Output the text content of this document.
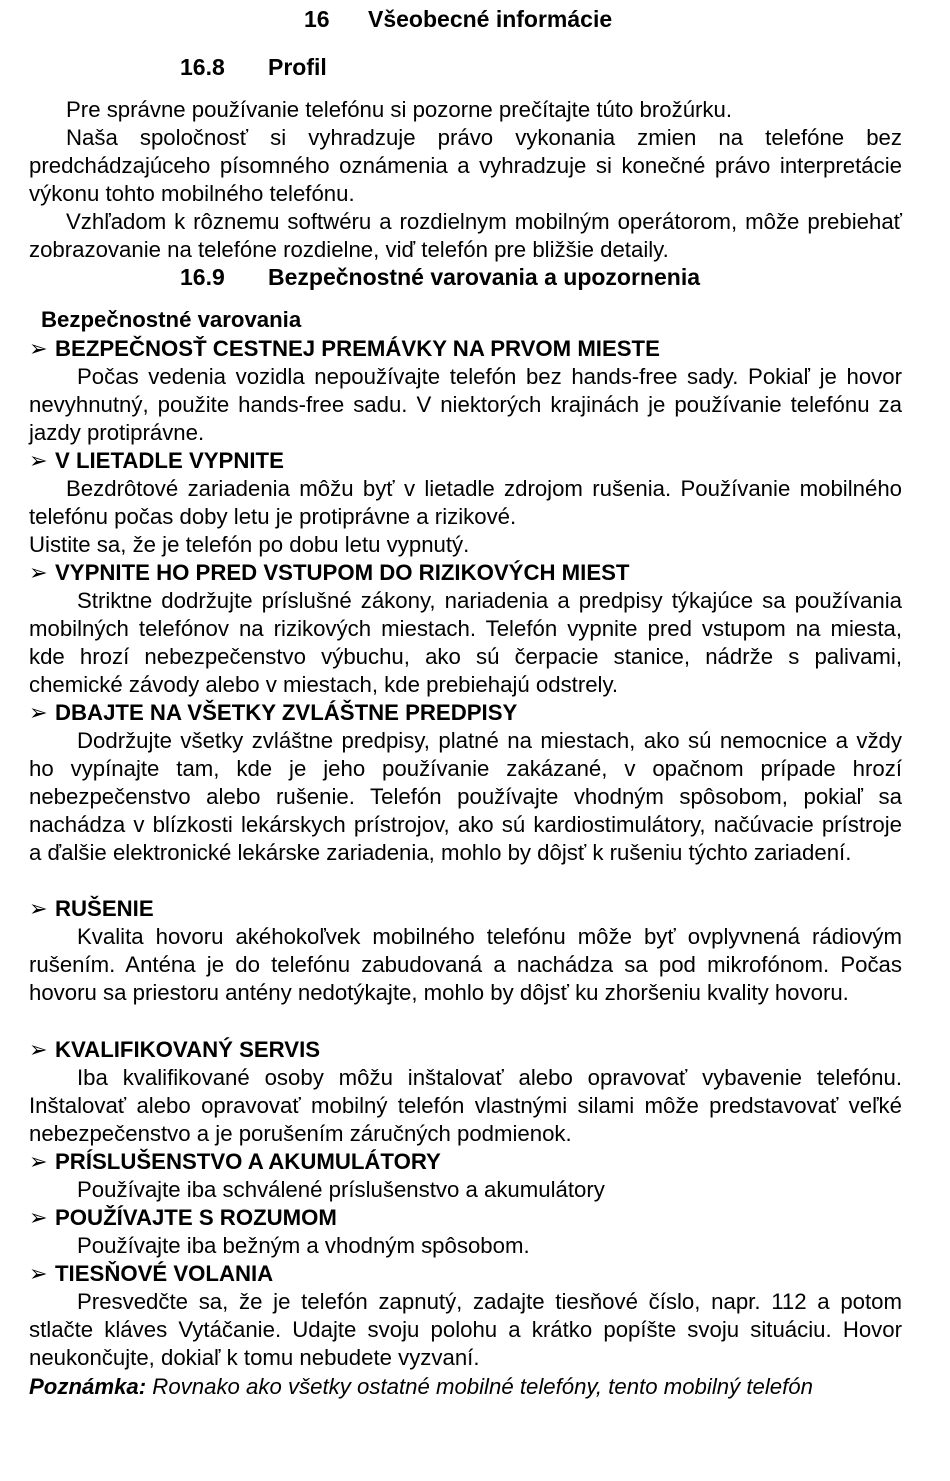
16 Všeobecné informácie
16.8 Profil
Pre správne používanie telefónu si pozorne prečítajte túto brožúrku.
Naša spoločnosť si vyhradzuje právo vykonania zmien na telefóne bez predchádzajúceho písomného oznámenia a vyhradzuje si konečné právo interpretácie výkonu tohto mobilného telefónu.
Vzhľadom k rôznemu softwéru a rozdielnym mobilným operátorom, môže prebiehať zobrazovanie na telefóne rozdielne, viď telefón pre bližšie detaily.
16.9 Bezpečnostné varovania a upozornenia
Bezpečnostné varovania
➢ BEZPEČNOSŤ CESTNEJ PREMÁVKY NA PRVOM MIESTE
Počas vedenia vozidla nepoužívajte telefón bez hands-free sady. Pokiaľ je hovor nevyhnutný, použite hands-free sadu. V niektorých krajinách je používanie telefónu za jazdy protiprávne.
➢ V LIETADLE VYPNITE
Bezdrôtové zariadenia môžu byť v lietadle zdrojom rušenia. Používanie mobilného telefónu počas doby letu je protiprávne a rizikové.
Uistite sa, že je telefón po dobu letu vypnutý.
➢ VYPNITE HO PRED VSTUPOM DO RIZIKOVÝCH MIEST
Striktne dodržujte príslušné zákony, nariadenia a predpisy týkajúce sa používania mobilných telefónov na rizikových miestach. Telefón vypnite pred vstupom na miesta, kde hrozí nebezpečenstvo výbuchu, ako sú čerpacie stanice, nádrže s palivami, chemické závody alebo v miestach, kde prebiehajú odstrely.
➢ DBAJTE NA VŠETKY ZVLÁŠTNE PREDPISY
Dodržujte všetky zvláštne predpisy, platné na miestach, ako sú nemocnice a vždy ho vypínajte tam, kde je jeho používanie zakázané, v opačnom prípade hrozí nebezpečenstvo alebo rušenie. Telefón používajte vhodným spôsobom, pokiaľ sa nachádza v blízkosti lekárskych prístrojov, ako sú kardiostimulátory, načúvacie prístroje a ďalšie elektronické lekárske zariadenia, mohlo by dôjsť k rušeniu týchto zariadení.
➢ RUŠENIE
Kvalita hovoru akéhokoľvek mobilného telefónu môže byť ovplyvnená rádiovým rušením. Anténa je do telefónu zabudovaná a nachádza sa pod mikrofónom. Počas hovoru sa priestoru antény nedotýkajte, mohlo by dôjsť ku zhoršeniu kvality hovoru.
➢ KVALIFIKOVANÝ SERVIS
Iba kvalifikované osoby môžu inštalovať alebo opravovať vybavenie telefónu. Inštalovať alebo opravovať mobilný telefón vlastnými silami môže predstavovať veľké nebezpečenstvo a je porušením záručných podmienok.
➢ PRÍSLUŠENSTVO A AKUMULÁTORY
Používajte iba schválené príslušenstvo a akumulátory
➢ POUŽÍVAJTE S ROZUMOM
Používajte iba bežným a vhodným spôsobom.
➢ TIESŇOVÉ VOLANIA
Presvedčte sa, že je telefón zapnutý, zadajte tiesňové číslo, napr. 112 a potom stlačte kláves Vytáčanie. Udajte svoju polohu a krátko popíšte svoju situáciu. Hovor neukončujte, dokiaľ k tomu nebudete vyzvaní.
Poznámka: Rovnako ako všetky ostatné mobilné telefóny, tento mobilný telefón
